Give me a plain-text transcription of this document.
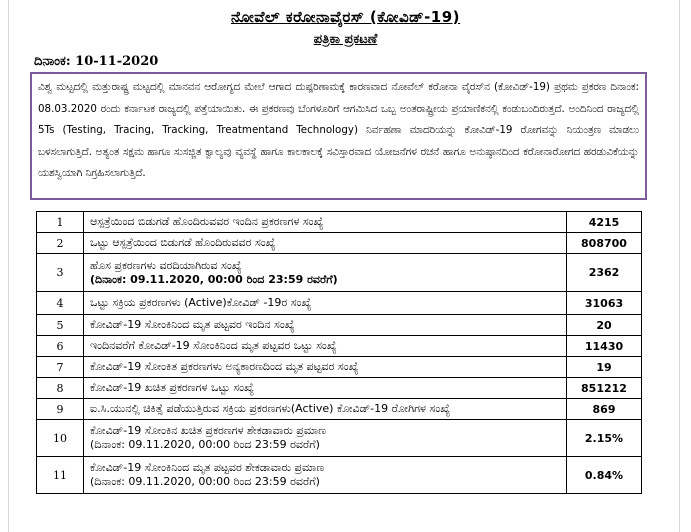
ನೋವೆಲ್ ಕರೋನಾವೈರಸ್ (ಕೋವಿಡ್-19)
ಪತ್ರಿಕಾ ಪ್ರಕಟಣೆ
ದಿನಾಂಕ: 10-11-2020
ವಿಶ್ವ ಮಟ್ಟದಲ್ಲಿ ಮತ್ತುರಾಷ್ಟ್ರ ಮಟ್ಟದಲ್ಲಿ ಮಾನವನ ಆರೋಗ್ಯದ ಮೇಲೆ ಆಗಾದ ದುಷ್ಪರಿಣಾಮಕ್ಕೆ ಕಾರಣವಾದ ನೋವೆಲ್ ಕರೋನಾ ವೈರಸ್‌ನ (ಕೋವಿಡ್-19) ಪ್ರಥಮ ಪ್ರಕರಣ ದಿನಾಂಕ: 08.03.2020 ರಂದು ಕರ್ನಾಟಕ ರಾಜ್ಯದಲ್ಲಿ ಪತ್ತೆಯಾಯಿತು. ಈ ಪ್ರಕರಣವು ಬೆಂಗಳೂರಿಗೆ ಆಗಮಿಸಿದ ಒಬ್ಬ ಅಂತರಾಷ್ಟ್ರೀಯ ಪ್ರಯಾಣಿಕನಲ್ಲಿ ಕಂಡುಬಂದಿರುತ್ತದೆ. ಅಂದಿನಿಂದ ರಾಜ್ಯದಲ್ಲಿ 5Ts (Testing, Tracing, Tracking, Treatmentand Technology) ನಿರ್ವಹಣಾ ಮಾದರಿಯನ್ನು ಕೋವಿಡ್-19 ರೋಗವನ್ನು ನಿಯಂತ್ರಣ ಮಾಡಲು ಬಳಸಲಾಗುತ್ತಿದೆ. ಅತ್ಯಂತ ಸಕ್ಷಮ ಹಾಗೂ ಸುಸಜ್ಜಿತ ಕ್ವಾಲ್ಯವು ವ್ಯವಸ್ಥೆ ಹಾಗೂ ಕಾಲಕಾಲಕ್ಕೆ ಸವಿಸ್ತಾರವಾದ ಯೋಜನೆಗಳ ರಚನೆ ಹಾಗೂ ಅನುಷ್ಠಾನದಿಂದ ಕರೋನಾರೋಗದ ಹರಡುವಿಕೆಯನ್ನು ಯಶಸ್ವಿಯಾಗಿ ನಿಗ್ರಹಿಸಲಾಗುತ್ತಿದೆ.
1	ಆಸ್ಪತ್ರೆಯಿಂದ ಬಿಡುಗಡೆ ಹೊಂದಿರುವವರ ಇಂದಿನ ಪ್ರಕರಣಗಳ ಸಂಖ್ಯೆ	4215
2	ಒಟ್ಟು ಆಸ್ಪತ್ರೆಯಿಂದ ಬಿಡುಗಡೆ ಹೊಂದಿರುವವರ ಸಂಖ್ಯೆ	808700
3	ಹೊಸ ಪ್ರಕರಣಗಳು ವರದಿಯಾಗಿರುವ ಸಂಖ್ಯೆ
(ದಿನಾಂಕ: 09.11.2020, 00:00 ರಿಂದ 23:59 ರವರೆಗೆ)	2362
4	ಒಟ್ಟು ಸಕ್ರಿಯ ಪ್ರಕರಣಗಳು (Active)ಕೋವಿಡ್ -19ರ ಸಂಖ್ಯೆ	31063
5	ಕೋವಿಡ್-19 ಸೋಂಕಿನಿಂದ ಮೃತ ಪಟ್ಟವರ ಇಂದಿನ ಸಂಖ್ಯೆ	20
6	ಇಂದಿನವರೆಗೆ ಕೋವಿಡ್-19 ಸೋಂಕಿನಿಂದ ಮೃತ ಪಟ್ಟವರ ಒಟ್ಟು ಸಂಖ್ಯೆ	11430
7	ಕೋವಿಡ್-19 ಸೋಂಕಿತ ಪ್ರಕರಣಗಳು ಅನ್ಯಕಾರಣದಿಂದ ಮೃತ ಪಟ್ಟವರ ಸಂಖ್ಯೆ	19
8	ಕೋವಿಡ್-19 ಖಚಿತ ಪ್ರಕರಣಗಳ ಒಟ್ಟು ಸಂಖ್ಯೆ	851212
9	ಐ.ಸಿ.ಯುನಲ್ಲಿ ಚಿಕಿತ್ಸೆ ಪಡೆಯುತ್ತಿರುವ ಸಕ್ರಿಯ ಪ್ರಕರಣಗಳು(Active) ಕೋವಿಡ್-19 ರೋಗಿಗಳ ಸಂಖ್ಯೆ	869
10	ಕೋವಿಡ್-19 ಸೋಂಕಿನ ಖಚಿತ ಪ್ರಕರಣಗಳ ಶೇಕಡಾವಾರು ಪ್ರಮಾಣ
(ದಿನಾಂಕ: 09.11.2020, 00:00 ರಿಂದ 23:59 ರವರೆಗೆ)	2.15%
11	ಕೋವಿಡ್-19 ಸೋಂಕಿನಿಂದ ಮೃತ ಪಟ್ಟವರ ಶೇಕಡಾವಾರು ಪ್ರಮಾಣ
(ದಿನಾಂಕ: 09.11.2020, 00:00 ರಿಂದ 23:59 ರವರೆಗೆ)	0.84%
